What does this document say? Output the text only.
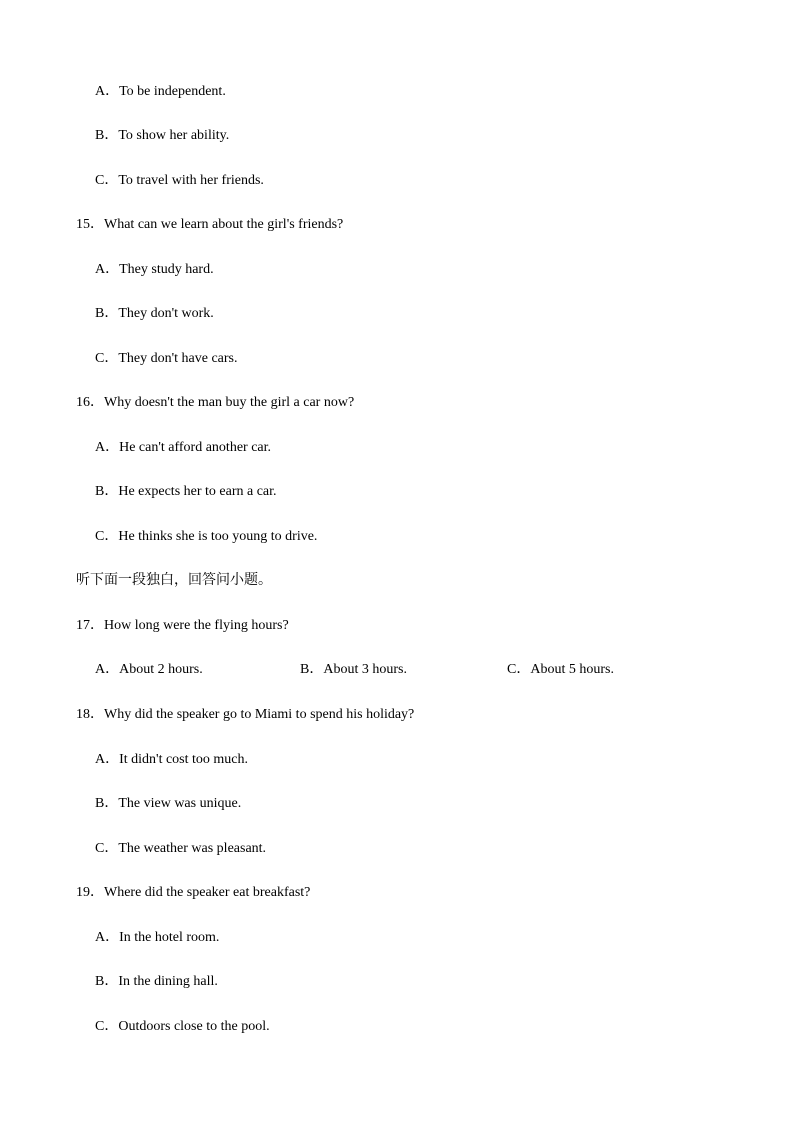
A．To be independent.
B．To show her ability.
C．To travel with her friends.
15．What can we learn about the girl's friends?
A．They study hard.
B．They don't work.
C．They don't have cars.
16．Why doesn't the man buy the girl a car now?
A．He can't afford another car.
B．He expects her to earn a car.
C．He thinks she is too young to drive.
听下面一段独白，回答问小题。
17．How long were the flying hours?
A．About 2 hours.	B．About 3 hours.	C．About 5 hours.
18．Why did the speaker go to Miami to spend his holiday?
A．It didn't cost too much.
B．The view was unique.
C．The weather was pleasant.
19．Where did the speaker eat breakfast?
A．In the hotel room.
B．In the dining hall.
C．Outdoors close to the pool.
